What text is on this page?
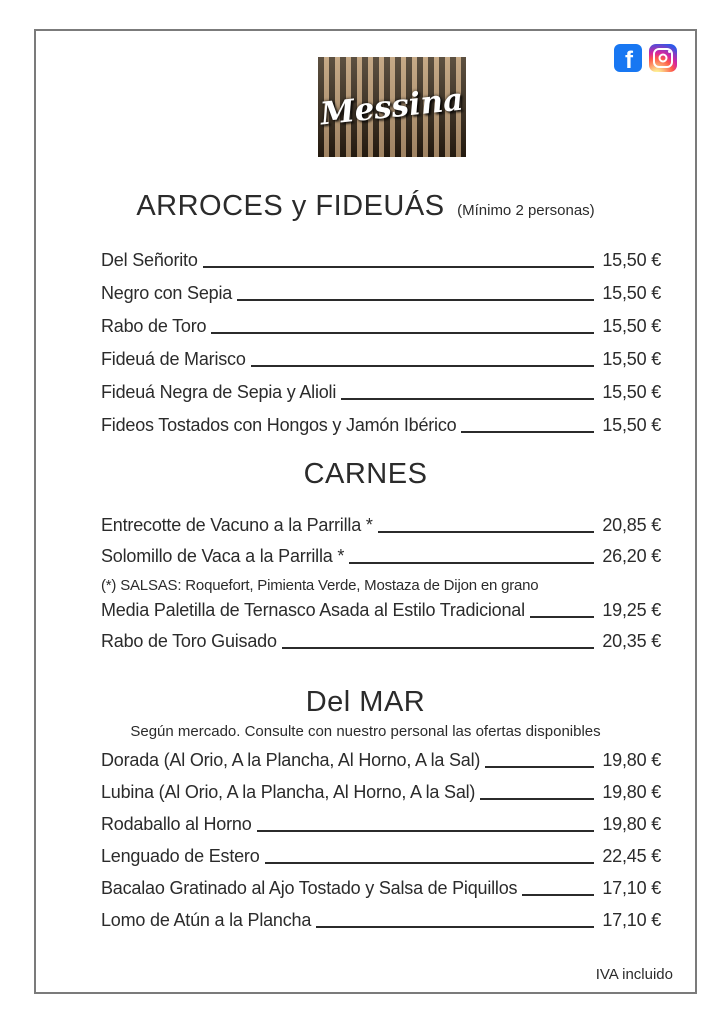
f
Messina
ARROCES y FIDEUÁS (Mínimo 2 personas)
Del Señorito	15,50 €
Negro con Sepia	15,50 €
Rabo de Toro	15,50 €
Fideuá de Marisco	15,50 €
Fideuá Negra de Sepia y Alioli	15,50 €
Fideos Tostados con Hongos y Jamón Ibérico	15,50 €
CARNES
Entrecotte de Vacuno a la Parrilla *	20,85 €
Solomillo de Vaca a la Parrilla *	26,20 €
(*) SALSAS: Roquefort, Pimienta Verde, Mostaza de Dijon en grano
Media Paletilla de Ternasco Asada al Estilo Tradicional	19,25 €
Rabo de Toro Guisado	20,35 €
Del MAR
Según mercado. Consulte con nuestro personal las ofertas disponibles
Dorada (Al Orio, A la Plancha, Al Horno, A la Sal)	19,80 €
Lubina (Al Orio, A la Plancha, Al Horno, A la Sal)	19,80 €
Rodaballo al Horno	19,80 €
Lenguado de Estero	22,45 €
Bacalao Gratinado al Ajo Tostado y Salsa de Piquillos	17,10 €
Lomo de Atún a la Plancha	17,10 €
IVA incluido
